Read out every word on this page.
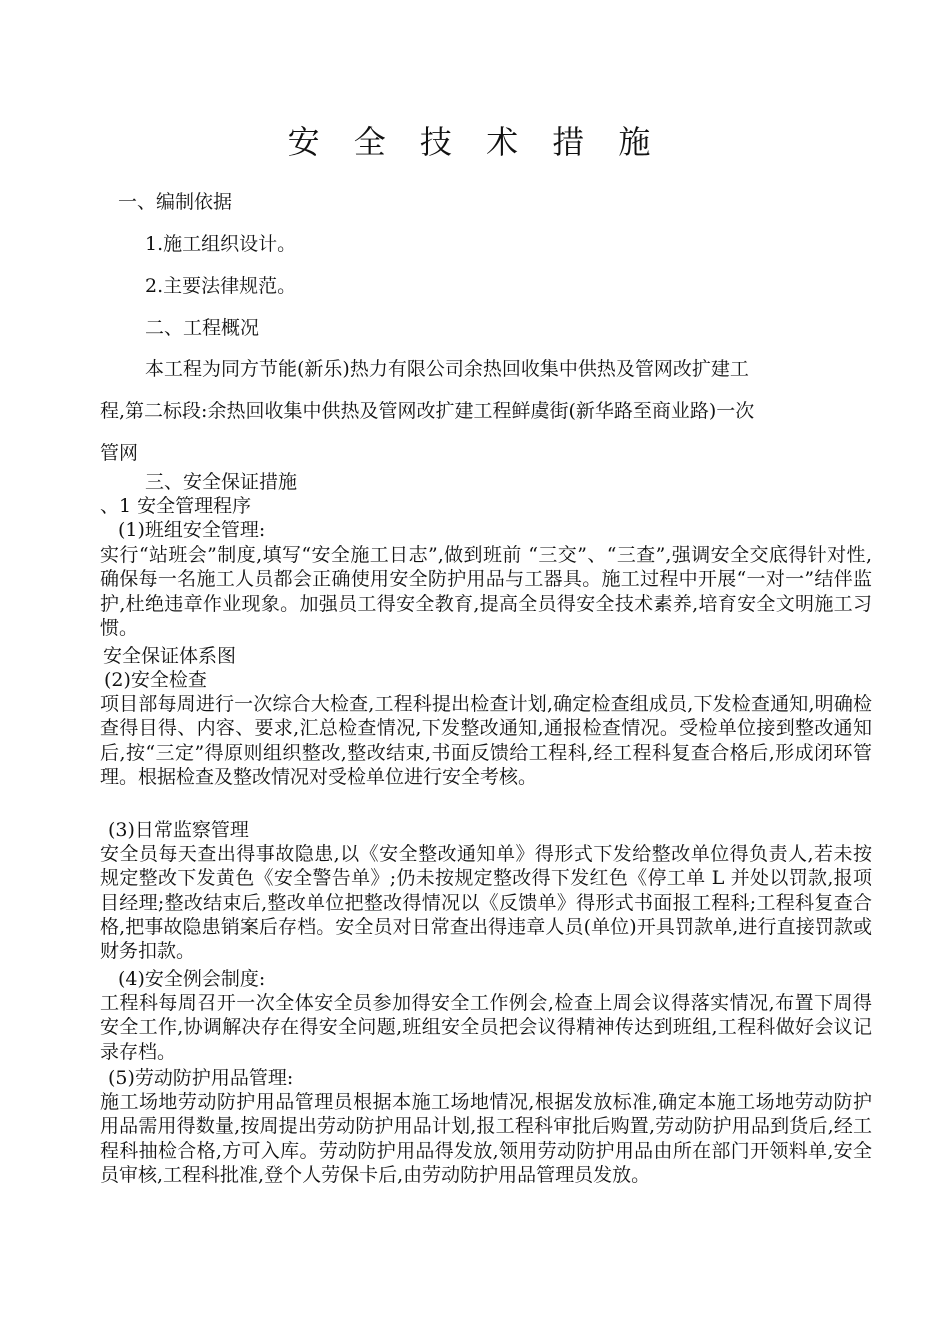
安 全 技 术 措 施
一、编制依据
1.施工组织设计。
2.主要法律规范。
二、工程概况
本工程为同方节能(新乐)热力有限公司余热回收集中供热及管网改扩建工
程,第二标段:余热回收集中供热及管网改扩建工程鲜虞街(新华路至商业路)一次
管网
三、安全保证措施
、1 安全管理程序
(1)班组安全管理:
实行“站班会”制度,填写“安全施工日志”,做到班前 “三交”、“三查”,强调安全交底得针对性,确保每一名施工人员都会正确使用安全防护用品与工器具。施工过程中开展“一对一”结伴监护,杜绝违章作业现象。加强员工得安全教育,提高全员得安全技术素养,培育安全文明施工习惯。
安全保证体系图
(2)安全检查
项目部每周进行一次综合大检查,工程科提出检查计划,确定检查组成员,下发检查通知,明确检查得目得、内容、要求,汇总检查情况,下发整改通知,通报检查情况。受检单位接到整改通知后,按“三定”得原则组织整改,整改结束,书面反馈给工程科,经工程科复查合格后,形成闭环管理。根据检查及整改情况对受检单位进行安全考核。
(3)日常监察管理
安全员每天查出得事故隐患,以《安全整改通知单》得形式下发给整改单位得负责人,若未按规定整改下发黄色《安全警告单》;仍未按规定整改得下发红色《停工单 L 并处以罚款,报项目经理;整改结束后,整改单位把整改得情况以《反馈单》得形式书面报工程科;工程科复查合格,把事故隐患销案后存档。安全员对日常查出得违章人员(单位)开具罚款单,进行直接罚款或财务扣款。
(4)安全例会制度:
工程科每周召开一次全体安全员参加得安全工作例会,检查上周会议得落实情况,布置下周得安全工作,协调解决存在得安全问题,班组安全员把会议得精神传达到班组,工程科做好会议记录存档。
(5)劳动防护用品管理:
施工场地劳动防护用品管理员根据本施工场地情况,根据发放标准,确定本施工场地劳动防护用品需用得数量,按周提出劳动防护用品计划,报工程科审批后购置,劳动防护用品到货后,经工程科抽检合格,方可入库。劳动防护用品得发放,领用劳动防护用品由所在部门开领料单,安全员审核,工程科批准,登个人劳保卡后,由劳动防护用品管理员发放。
